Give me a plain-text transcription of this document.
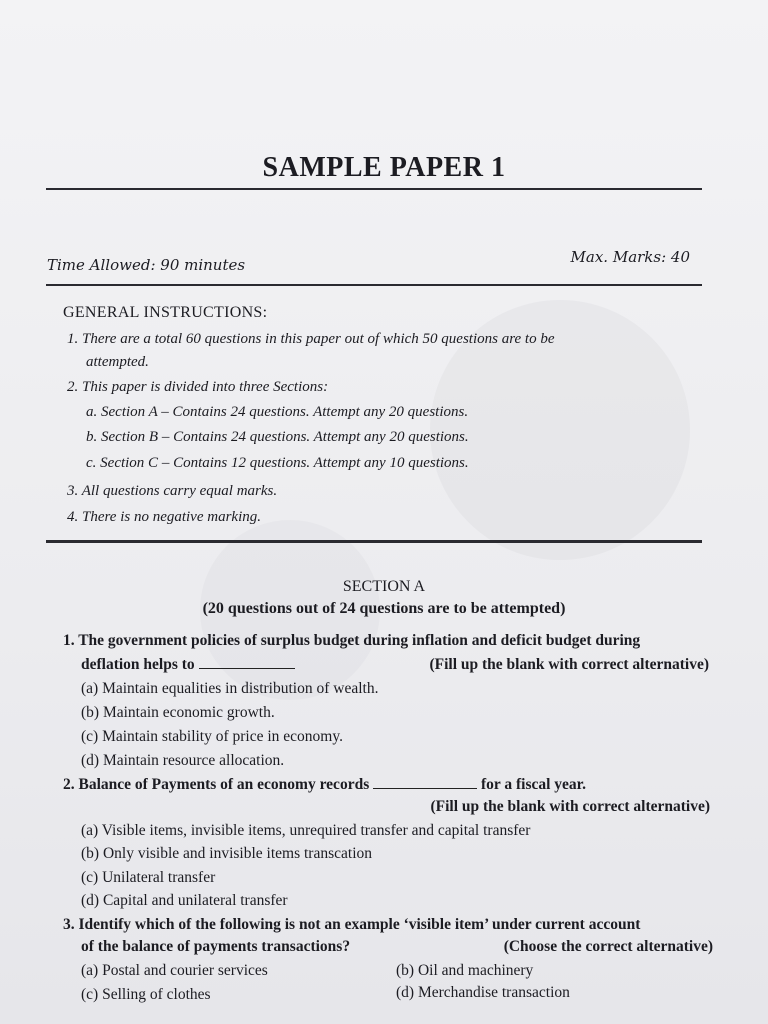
SAMPLE PAPER 1
Time Allowed: 90 minutes	Max. Marks: 40
GENERAL INSTRUCTIONS:
1. There are a total 60 questions in this paper out of which 50 questions are to be
attempted.
2. This paper is divided into three Sections:
a. Section A – Contains 24 questions. Attempt any 20 questions.
b. Section B – Contains 24 questions. Attempt any 20 questions.
c. Section C – Contains 12 questions. Attempt any 10 questions.
3. All questions carry equal marks.
4. There is no negative marking.
SECTION A
(20 questions out of 24 questions are to be attempted)
1. The government policies of surplus budget during inflation and deficit budget during
deflation helps to	(Fill up the blank with correct alternative)
(a) Maintain equalities in distribution of wealth.
(b) Maintain economic growth.
(c) Maintain stability of price in economy.
(d) Maintain resource allocation.
2. Balance of Payments of an economy records	for a fiscal year.
(Fill up the blank with correct alternative)
(a) Visible items, invisible items, unrequired transfer and capital transfer
(b) Only visible and invisible items transcation
(c) Unilateral transfer
(d) Capital and unilateral transfer
3. Identify which of the following is not an example ‘visible item’ under current account
of the balance of payments transactions?	(Choose the correct alternative)
(a) Postal and courier services	(b) Oil and machinery
(c) Selling of clothes	(d) Merchandise transaction
